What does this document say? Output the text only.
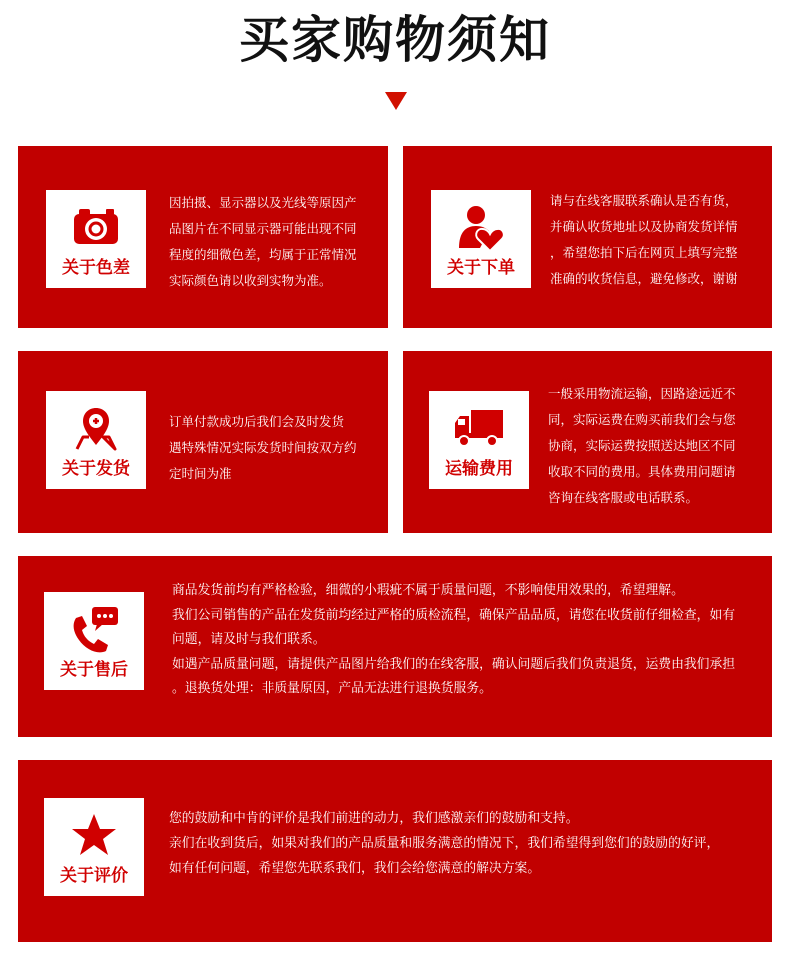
买家购物须知
关于色差

因拍摄、显示器以及光线等原因产

品图片在不同显示器可能出现不同

程度的细微色差，均属于正常情况

实际颜色请以收到实物为准。

关于下单

请与在线客服联系确认是否有货，

并确认收货地址以及协商发货详情

，希望您拍下后在网页上填写完整

准确的收货信息，避免修改，谢谢

关于发货

订单付款成功后我们会及时发货

遇特殊情况实际发货时间按双方约

定时间为准	运输费用

一般采用物流运输，因路途远近不

同，实际运费在购买前我们会与您

协商，实际运费按照送达地区不同

收取不同的费用。具体费用问题请

咨询在线客服或电话联系。

关于售后

商品发货前均有严格检验，细微的小瑕疵不属于质量问题，不影响使用效果的，希望理解。

我们公司销售的产品在发货前均经过严格的质检流程，确保产品品质，请您在收货前仔细检查，如有

问题，请及时与我们联系。

如遇产品质量问题，请提供产品图片给我们的在线客服，确认问题后我们负责退货，运费由我们承担

。退换货处理：非质量原因，产品无法进行退换货服务。

关于评价

您的鼓励和中肯的评价是我们前进的动力，我们感激亲们的鼓励和支持。

亲们在收到货后，如果对我们的产品质量和服务满意的情况下，我们希望得到您们的鼓励的好评，

如有任何问题，希望您先联系我们，我们会给您满意的解决方案。
